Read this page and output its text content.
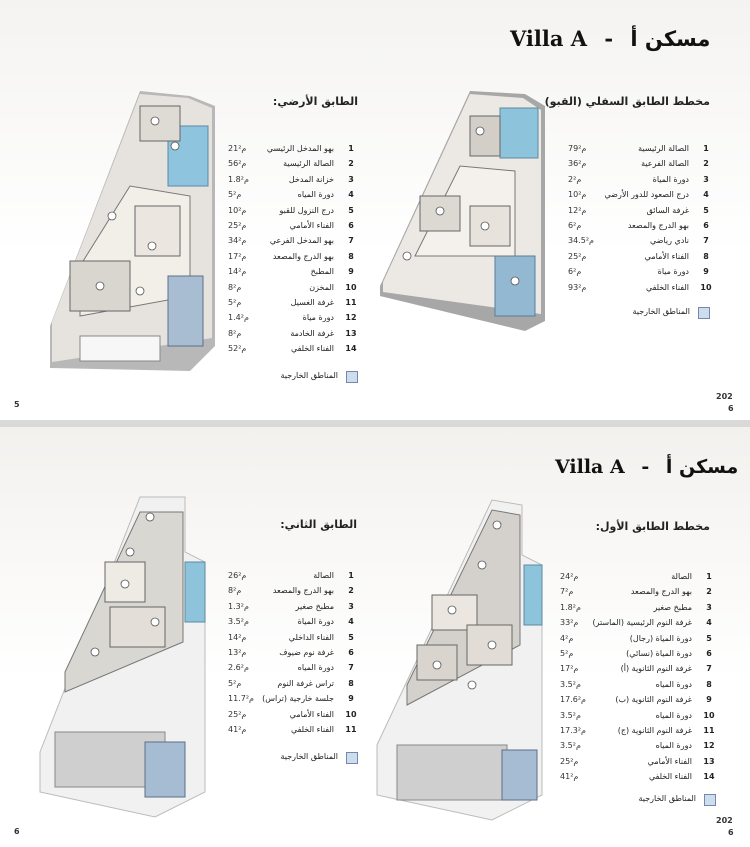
Villa A - مسكن أ
الطابق الأرضي:
1
بهو المدخل الرئيسي
21م²
2
الصالة الرئيسية
56م²
3
خزانة المدخل
1.8م²
4
دورة المياه
5م²
5
درج النزول للقبو
10م²
6
الفناء الأمامي
25م²
7
بهو المدخل الفرعي
34م²
8
بهو الدرج والمصعد
17م²
9
المطبخ
14م²
10
المخزن
8م²
11
غرفة الغسيل
5م²
12
دورة مياة
1.4م²
13
غرفة الخادمة
8م²
14
الفناء الخلفي
52م²
المناطق الخارجية
مخطط الطابق السفلي (القبو)
1
الصالة الرئيسية
79م²
2
الصالة الفرعية
36م²
3
دورة المياة
2م²
4
درج الصعود للدور الأرضي
10م²
5
غرفة السائق
12م²
6
بهو الدرج والمصعد
6م²
7
نادي رياضي
34.5م²
8
الفناء الأمامي
25م²
9
دورة مياة
6م²
10
الفناء الخلفي
93م²
المناطق الخارجية
5
202
6
Villa A - مسكن أ
الطابق الثاني:
1
الصالة
26م²
2
بهو الدرج والمصعد
8م²
3
مطبخ صغير
1.3م²
4
دورة المياة
3.5م²
5
الفناء الداخلي
14م²
6
غرفة نوم ضيوف
13م²
7
دورة المياه
2.6م²
8
تراس غرفة النوم
5م²
9
جلسة خارجية (تراس)
11.7م²
10
الفناء الأمامي
25م²
11
الفناء الخلفي
41م²
المناطق الخارجية
مخطط الطابق الأول:
1
الصالة
24م²
2
بهو الدرج والمصعد
7م²
3
مطبخ صغير
1.8م²
4
غرفة النوم الرئيسية (الماستر)
33م²
5
دورة المياة (رجال)
4م²
6
دورة المياة (نسائي)
5م²
7
غرفة النوم الثانوية (أ)
17م²
8
دورة المياه
3.5م²
9
غرفة النوم الثانوية (ب)
17.6م²
10
دورة المياه
3.5م²
11
غرفة النوم الثانوية (ج)
17.3م²
12
دورة المياه
3.5م²
13
الفناء الأمامي
25م²
14
الفناء الخلفي
41م²
المناطق الخارجية
6
202
6
